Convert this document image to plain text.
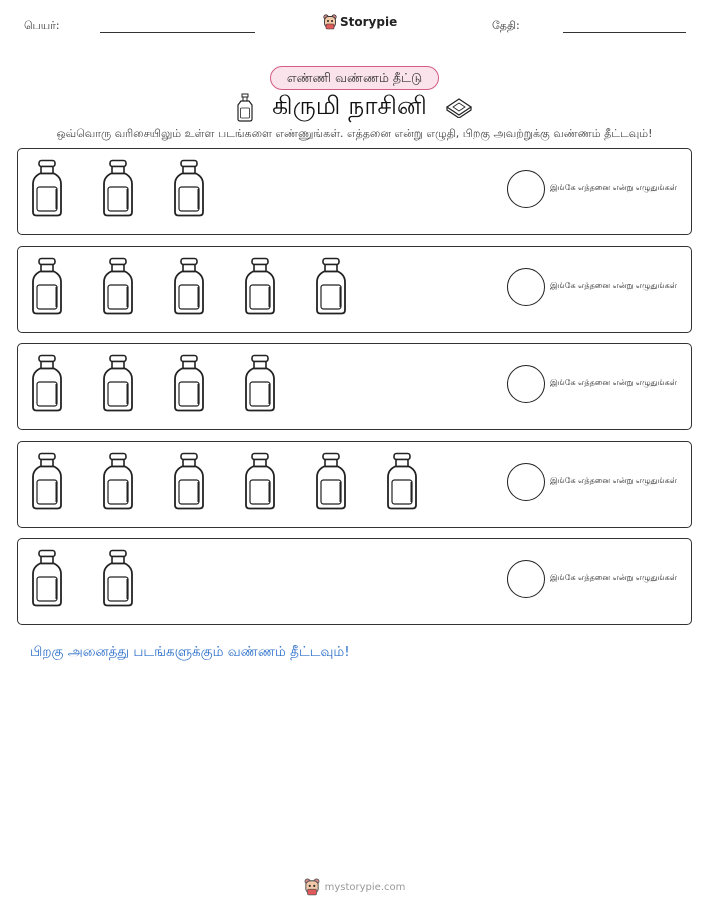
பெயர்:	Storypie	தேதி:
எண்ணி வண்ணம் தீட்டு
கிருமி நாசினி
ஒவ்வொரு வரிசையிலும் உள்ள படங்களை எண்ணுங்கள். எத்தனை என்று எழுதி, பிறகு அவற்றுக்கு வண்ணம் தீட்டவும்!
இங்கே எத்தனை என்று எழுதுங்கள்
இங்கே எத்தனை என்று எழுதுங்கள்
இங்கே எத்தனை என்று எழுதுங்கள்
இங்கே எத்தனை என்று எழுதுங்கள்
இங்கே எத்தனை என்று எழுதுங்கள்
பிறகு அனைத்து படங்களுக்கும் வண்ணம் தீட்டவும்!
mystorypie.com
